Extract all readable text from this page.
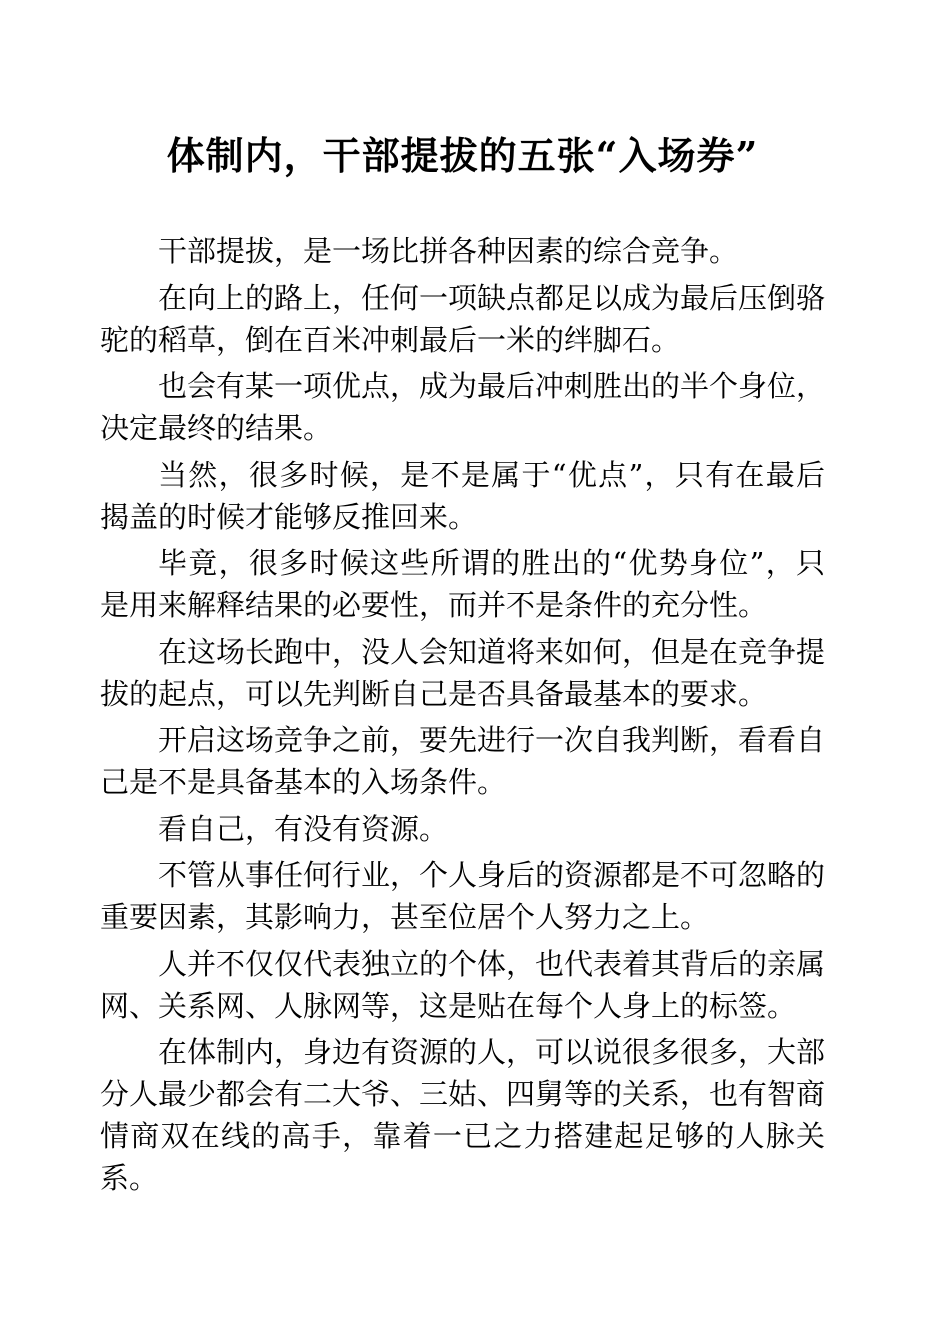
体制内，干部提拔的五张“入场券”

干部提拔，是一场比拼各种因素的综合竞争。

在向上的路上，任何一项缺点都足以成为最后压倒骆驼的稻草，倒在百米冲刺最后一米的绊脚石。

也会有某一项优点，成为最后冲刺胜出的半个身位，决定最终的结果。

当然，很多时候，是不是属于“优点”，只有在最后揭盖的时候才能够反推回来。

毕竟，很多时候这些所谓的胜出的“优势身位”，只是用来解释结果的必要性，而并不是条件的充分性。

在这场长跑中，没人会知道将来如何，但是在竞争提拔的起点，可以先判断自己是否具备最基本的要求。

开启这场竞争之前，要先进行一次自我判断，看看自己是不是具备基本的入场条件。

看自己，有没有资源。

不管从事任何行业，个人身后的资源都是不可忽略的重要因素，其影响力，甚至位居个人努力之上。

人并不仅仅代表独立的个体，也代表着其背后的亲属网、关系网、人脉网等，这是贴在每个人身上的标签。

在体制内，身边有资源的人，可以说很多很多，大部分人最少都会有二大爷、三姑、四舅等的关系，也有智商情商双在线的高手，靠着一已之力搭建起足够的人脉关系。
